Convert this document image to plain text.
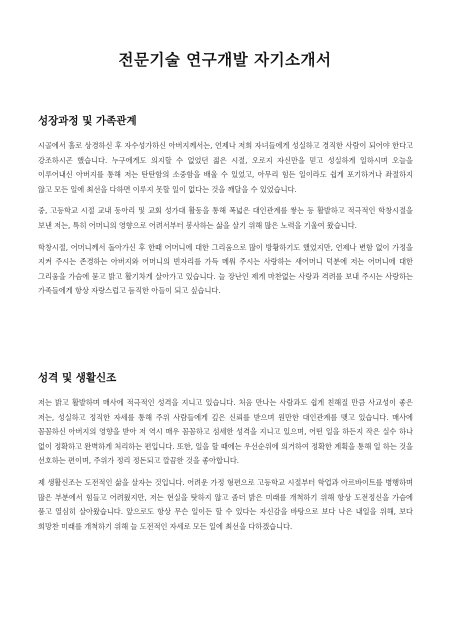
전문기술 연구개발 자기소개서
성장과정 및 가족관계

시골에서 홀로 상경하신 후 자수성가하신 아버지께서는, 언제나 저희 자녀들에게 성실하고 경직한 사람이 되어야 한다고 강조하시곤 했습니다. 누구에게도 의지할 수 없었던 젊은 시절, 오로지 자신만을 믿고 성실하게 일하시며 오늘을 이루어내신 아버지를 통해 저는 탄탄함의 소중함을 배울 수 있었고, 아무리 힘든 일이라도 쉽게 포기하거나 좌절하지 않고 모든 일에 최선을 다하면 이루지 못할 일이 없다는 것을 깨달을 수 있었습니다.

중, 고등학교 시절 교내 동아리 및 교회 성가대 활동을 통해 폭넓은 대인관계를 쌓는 등 활발하고 적극적인 학창시절을 보낸 저는, 특히 어머니의 영향으로 어려서부터 봉사하는 삶을 살기 위해 많은 노력을 기울여 왔습니다.

학창시절, 어머니께서 돌아가신 후 한때 어머니에 대한 그리움으로 많이 방황하기도 했었지만, 언제나 변함 없이 가정을 지켜 주시는 존경하는 아버지와 어머니의 빈자리를 가득 메워 주시는 사랑하는 새어머니 덕분에 저는 어머니에 대한 그리움을 가슴에 묻고 밝고 활기차게 살아가고 있습니다. 늘 장난인 제게 마찬없는 사랑과 격려를 보내 주시는 사랑하는 가족들에게 항상 자랑스럽고 듬직한 아들이 되고 싶습니다.

성격 및 생활신조

저는 밝고 활발하며 매사에 적극적인 성격을 지니고 있습니다. 처음 만나는 사람과도 쉽게 친해질 만큼 사교성이 좋은 저는, 성실하고 정직한 자세를 통해 주위 사람들에게 깊은 신뢰를 받으며 원만한 대인관계를 맺고 있습니다. 매사에 꼼꼼하신 아버지의 영향을 받아 저 역시 매우 꼼꼼하고 섬세한 성격을 지니고 있으며, 어떤 일을 하든지 작은 실수 하나 없이 정확하고 완벽하게 처리하는 편입니다. 또한, 일을 할 때에는 우선순위에 의거하여 정확한 계획을 통해 일 하는 것을 선호하는 편이며, 주위가 정리 정돈되고 깔끔한 것을 좋아합니다.

제 생활신조는 도전적인 삶을 살자는 것입니다. 어려운 가정 형편으로 고등학교 시절부터 학업과 아르바이트를 병행하며 많은 부분에서 힘들고 어려웠지만, 저는 현실을 탓하지 않고 좀더 밝은 미래를 개척하기 위해 항상 도전정신을 가슴에 품고 열심히 살아왔습니다. 앞으로도 항상 무슨 일이든 할 수 있다는 자신감을 바탕으로 보다 나은 내일을 위해, 보다 희망찬 미래를 개척하기 위해 늘 도전적인 자세로 모든 일에 최선을 다하겠습니다.
